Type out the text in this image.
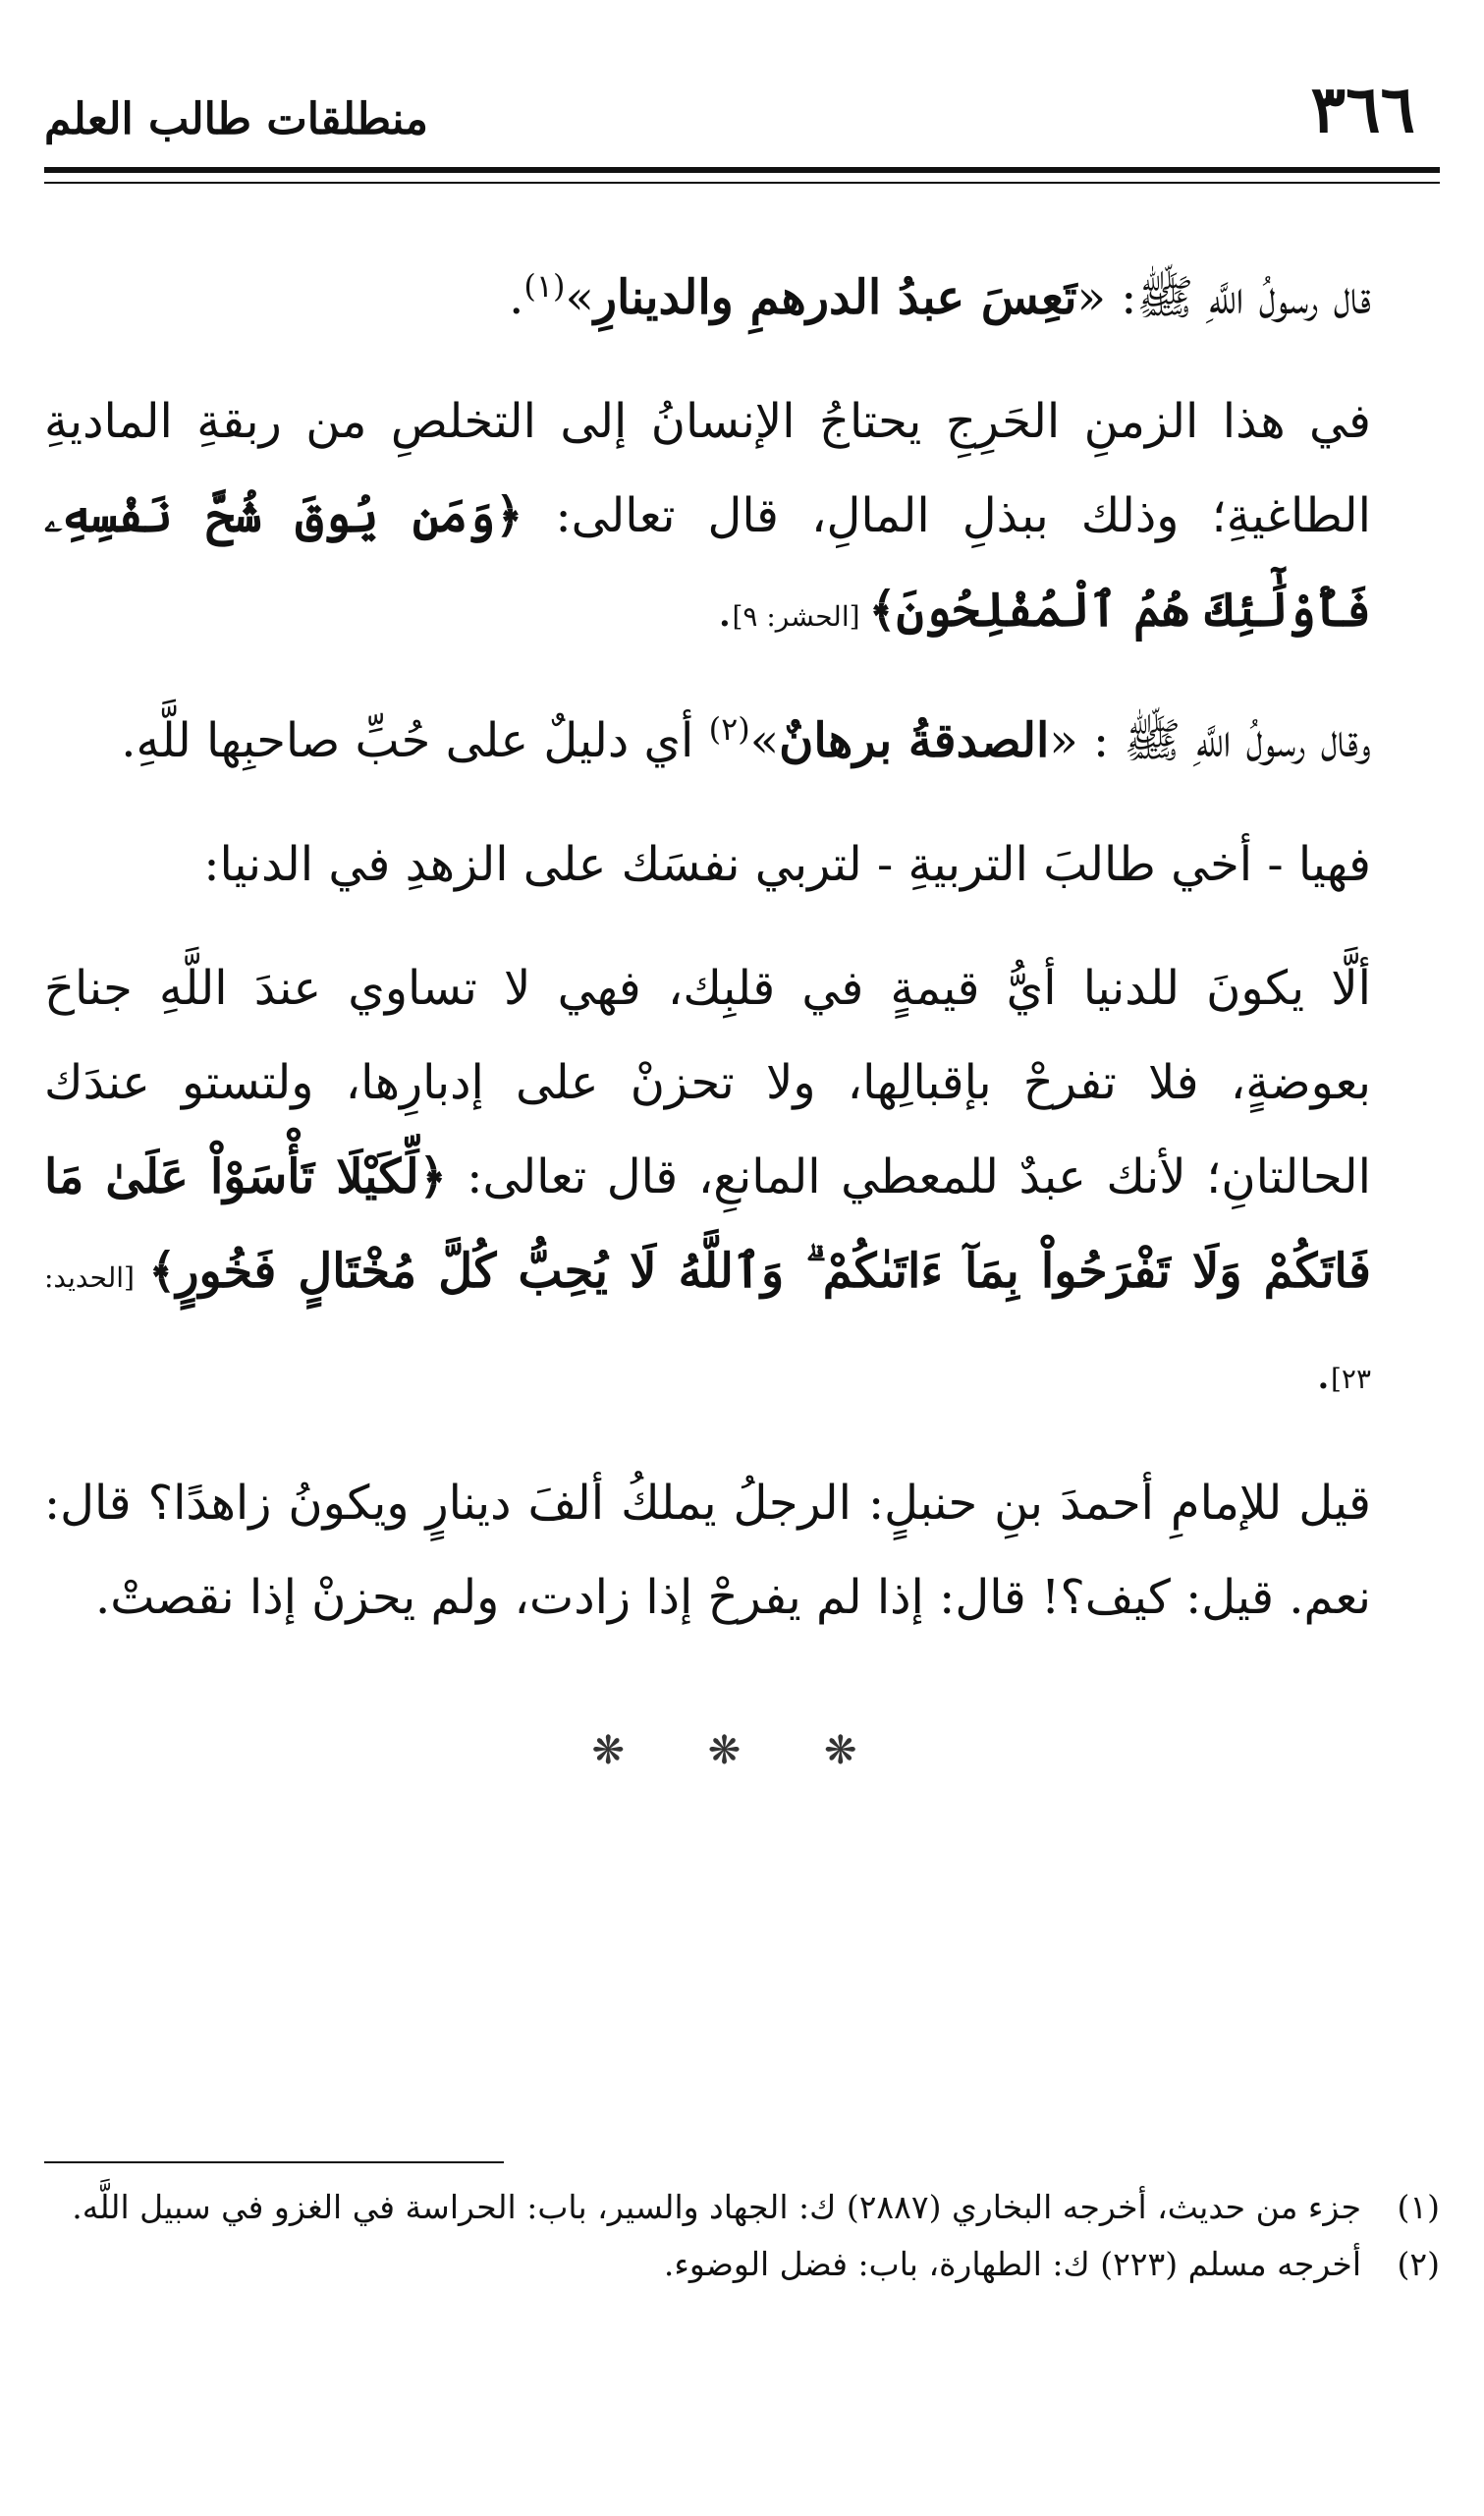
٣٦٦
منطلقات طالب العلم

قال رسولُ اللَّهِ ﷺ: «تَعِسَ عبدُ الدرهمِ والدينارِ»$^{(١)}$.

في هذا الزمنِ الحَرِجِ يحتاجُ الإنسانُ إلى التخلصِ من ربقةِ الماديةِ الطاغيةِ؛ وذلك ببذلِ المالِ، قال تعالى: ﴿وَمَن يُوقَ شُحَّ نَفْسِهِۦ فَأُوْلَٰٓئِكَ هُمُ ٱلْمُفْلِحُونَ﴾ [الحشر: ٩].

وقال رسولُ اللَّهِ ﷺ : «الصدقةُ برهانٌ»$^{(٢)}$ أي دليلٌ على حُبِّ صاحبِها للَّهِ.

فهيا - أخي طالبَ التربيةِ - لتربي نفسَك على الزهدِ في الدنيا:

ألَّا يكونَ للدنيا أيُّ قيمةٍ في قلبِك، فهي لا تساوي عندَ اللَّهِ جناحَ بعوضةٍ، فلا تفرحْ بإقبالِها، ولا تحزنْ على إدبارِها، ولتستو عندَك الحالتانِ؛ لأنك عبدٌ للمعطي المانعِ، قال تعالى: ﴿لِّكَيْلَا تَأْسَوْاْ عَلَىٰ مَا فَاتَكُمْ وَلَا تَفْرَحُواْ بِمَآ ءَاتَىٰكُمْ ۗ وَٱللَّهُ لَا يُحِبُّ كُلَّ مُخْتَالٍ فَخُورٍ﴾ [الحديد: ٢٣].

قيل للإمامِ أحمدَ بنِ حنبلٍ: الرجلُ يملكُ ألفَ دينارٍ ويكونُ زاهدًا؟ قال: نعم. قيل: كيف؟! قال: إذا لم يفرحْ إذا زادت، ولم يحزنْ إذا نقصتْ.

❋ ❋ ❋
(١)
جزء من حديث، أخرجه البخاري (٢٨٨٧) ك: الجهاد والسير، باب: الحراسة في الغزو في سبيل اللَّه.
(٢)
أخرجه مسلم (٢٢٣) ك: الطهارة، باب: فضل الوضوء.
